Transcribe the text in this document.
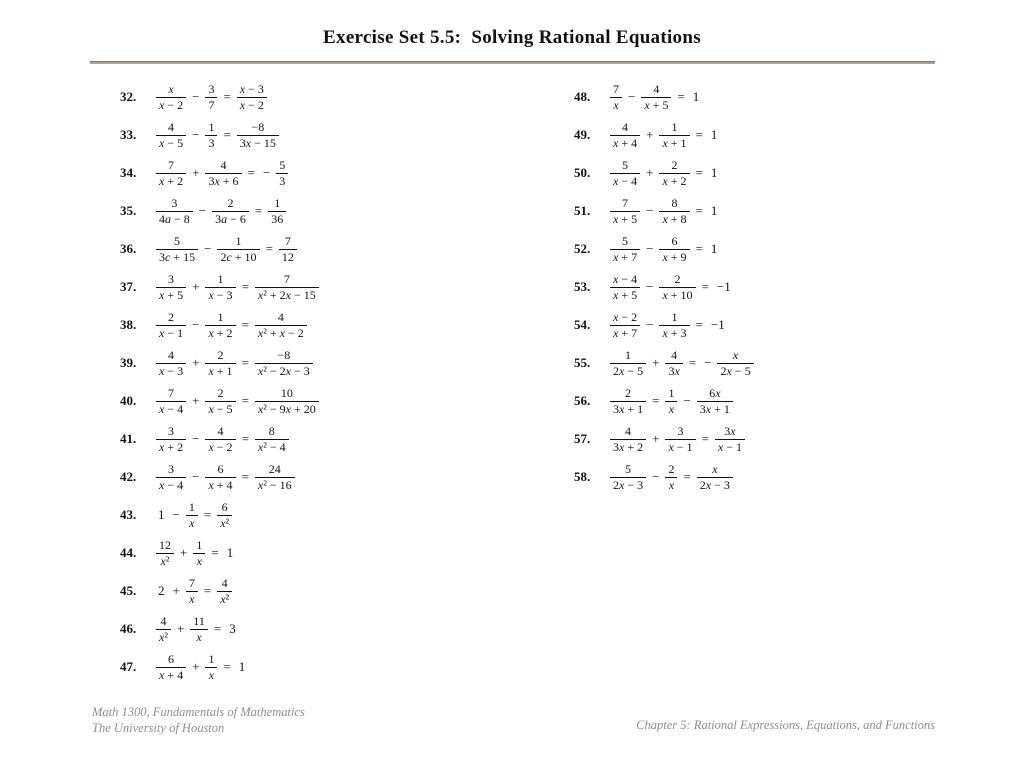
Exercise Set 5.5:  Solving Rational Equations
32.	$\frac{x}{x - 2} - \frac{3}{7} = \frac{x - 3}{x - 2}$
33.	$\frac{4}{x - 5} - \frac{1}{3} = \frac{-8}{3x - 15}$
34.	$\frac{7}{x + 2} + \frac{4}{3x + 6}$ = − $\frac{5}{3}$
35.	$\frac{3}{4a - 8} - \frac{2}{3a - 6} = \frac{1}{36}$
36.	$\frac{5}{3c + 15} - \frac{1}{2c + 10} = \frac{7}{12}$
37.	$\frac{3}{x + 5} + \frac{1}{x - 3} = \frac{7}{\text{x² + 2x − 15}}$
38.	$\frac{2}{x - 1} - \frac{1}{x + 2} = \frac{4}{\text{x² + x − 2}}$
39.	$\frac{4}{x - 3} + \frac{2}{x + 1} = \frac{-8}{\text{x² − 2x − 3}}$
40.	$\frac{7}{x - 4} + \frac{2}{x - 5} = \frac{10}{\text{x² − 9x + 20}}$
41.	$\frac{3}{x + 2} - \frac{4}{x - 2} = \frac{8}{\text{x² − 4}}$
42.	$\frac{3}{x - 4} - \frac{6}{x + 4} = \frac{24}{\text{x² − 16}}$
43.	$1 - \frac{1}{x} = \frac{6}{\text{x²}}$
44.	$\frac{12}{\text{x²}} + \frac{1}{x} = 1$
45.	$2 + \frac{7}{x} = \frac{4}{\text{x²}}$
46.	$\frac{4}{\text{x²}} + \frac{11}{x} = 3$
47.	$\frac{6}{x + 4} + \frac{1}{x} = 1$
48.	$\frac{7}{x} - \frac{4}{x + 5} = 1$
49.	$\frac{4}{x + 4} + \frac{1}{x + 1} = 1$
50.	$\frac{5}{x - 4} + \frac{2}{x + 2} = 1$
51.	$\frac{7}{x + 5} - \frac{8}{x + 8} = 1$
52.	$\frac{5}{x + 7} - \frac{6}{x + 9} = 1$
53.	$\frac{x - 4}{x + 5} - \frac{2}{x + 10} = -1$
54.	$\frac{x - 2}{x + 7} - \frac{1}{x + 3} = -1$
55.	$\frac{1}{2x - 5} + \frac{4}{3x}$ = − $\frac{x}{2x - 5}$
56.	$\frac{2}{3x + 1} = \frac{1}{x} - \frac{6x}{3x + 1}$
57.	$\frac{4}{3x + 2} + \frac{3}{x - 1} = \frac{3x}{x - 1}$
58.	$\frac{5}{2x - 3} - \frac{2}{x} = \frac{x}{2x - 3}$
Math 1300, Fundamentals of Mathematics
The University of Houston	Chapter 5: Rational Expressions, Equations, and Functions
